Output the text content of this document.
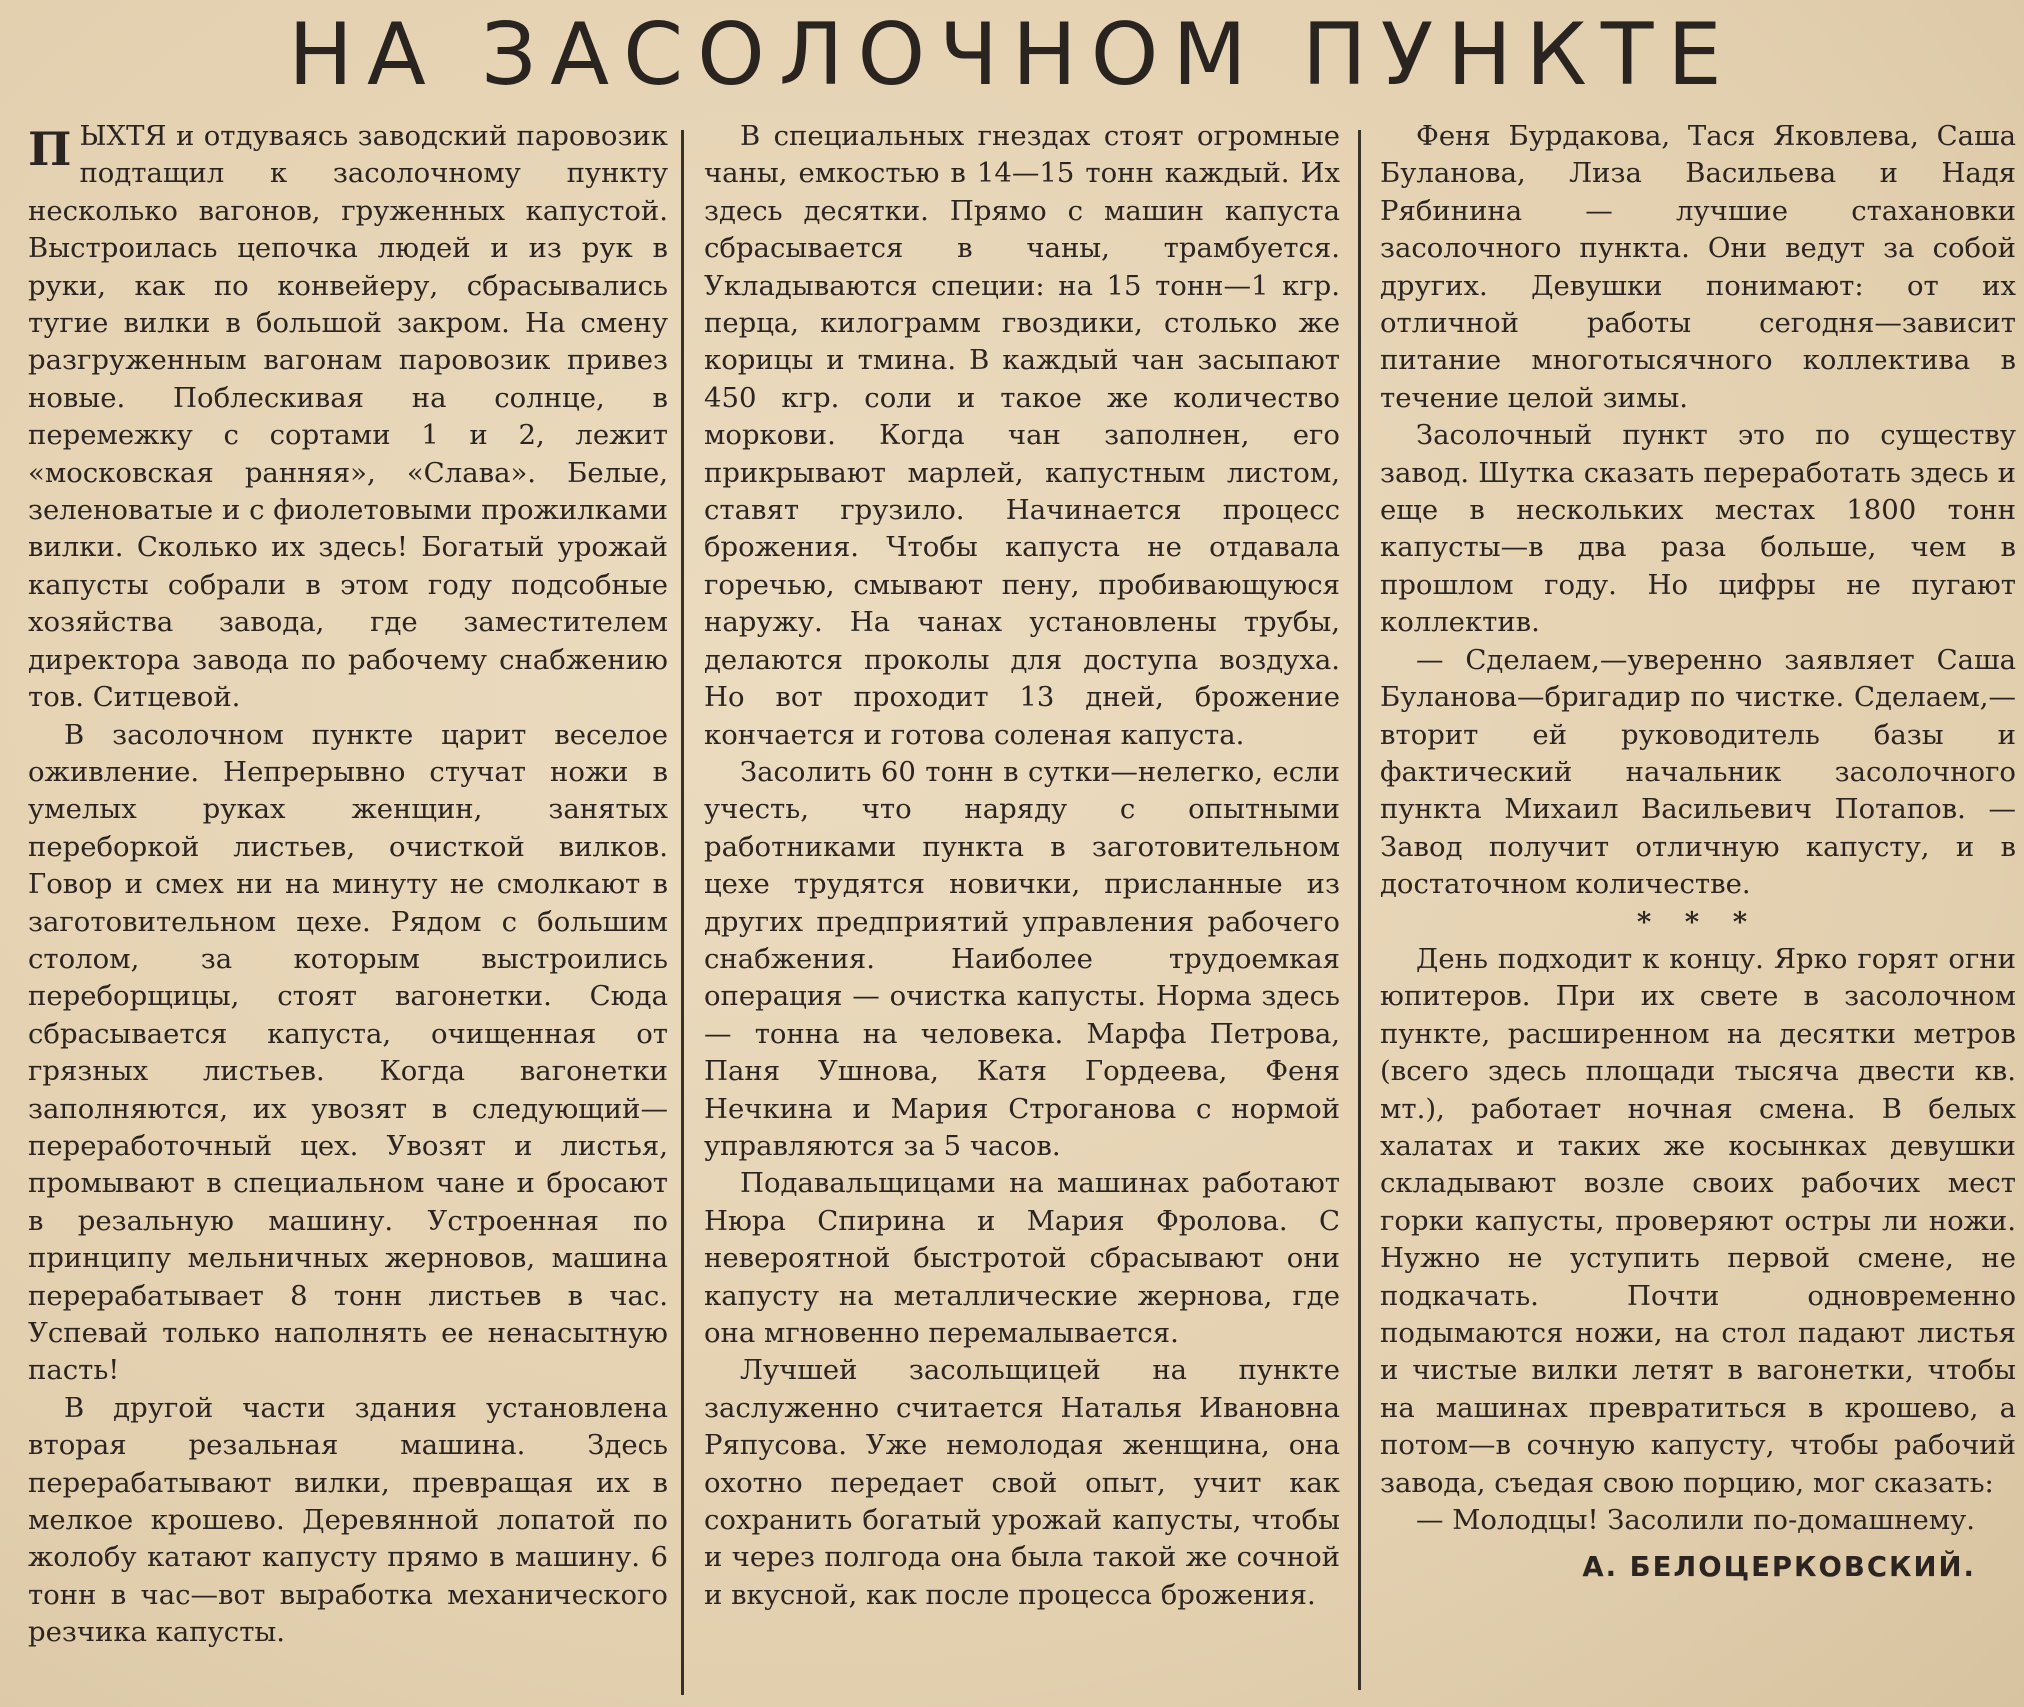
НА ЗАСОЛОЧНОМ ПУНКТЕ

ПЫХТЯ и отдуваясь заводский паровозик подтащил к засолочному пункту несколько вагонов, груженных капустой. Выстроилась цепочка людей и из рук в руки, как по конвейеру, сбрасывались тугие вилки в большой закром. На смену разгруженным вагонам паровозик привез новые. Поблескивая на солнце, в перемежку с сортами 1 и 2, лежит «московская ранняя», «Слава». Белые, зеленоватые и с фиолетовыми прожилками вилки. Сколько их здесь! Богатый урожай капусты собрали в этом году подсобные хозяйства завода, где заместителем директора завода по рабочему снабжению тов. Ситцевой.

В засолочном пункте царит веселое оживление. Непрерывно стучат ножи в умелых руках женщин, занятых переборкой листьев, очисткой вилков. Говор и смех ни на минуту не смолкают в заготовительном цехе. Рядом с большим столом, за которым выстроились переборщицы, стоят вагонетки. Сюда сбрасывается капуста, очищенная от грязных листьев. Когда вагонетки заполняются, их увозят в следующий—перерaботочный цех. Увозят и листья, промывают в специальном чане и бросают в резальную машину. Устроенная по принципу мельничных жерновов, машина перерабатывает 8 тонн листьев в час. Успевай только наполнять ее ненасытную пасть!

В другой части здания установлена вторая резальная машина. Здесь перерабатывают вилки, превращая их в мелкое крошево. Деревянной лопатой по жолобу катают капусту прямо в машину. 6 тонн в час—вот выработка механического резчика капусты.

В специальных гнездах стоят огромные чаны, емкостью в 14—15 тонн каждый. Их здесь десятки. Прямо с машин капуста сбрасывается в чаны, трамбуется. Укладываются специи: на 15 тонн—1 кгр. перца, килограмм гвоздики, столько же корицы и тмина. В каждый чан засыпают 450 кгр. соли и такое же количество моркови. Когда чан заполнен, его прикрывают марлей, капустным листом, ставят грузило. Начинается процесс брожения. Чтобы капуста не отдавала горечью, смывают пену, пробивающуюся наружу. На чанах установлены трубы, делаются проколы для доступа воздуха. Но вот проходит 13 дней, брожение кончается и готова соленая капуста.

Засолить 60 тонн в сутки—нелегко, если учесть, что наряду с опытными работниками пункта в заготовительном цехе трудятся новички, присланные из других предприятий управления рабочего снабжения. Наиболее трудоемкая операция — очистка капусты. Норма здесь — тонна на человека. Марфа Петрова, Паня Ушнова, Катя Гордеева, Феня Нечкина и Мария Строганова с нормой управляются за 5 часов.

Подавальщицами на машинах работают Нюра Спирина и Мария Фролова. С невероятной быстротой сбрасывают они капусту на металлические жернова, где она мгновенно перемалывается.

Лучшей засольщицей на пункте заслуженно считается Наталья Ивановна Ряпусова. Уже немолодая женщина, она охотно передает свой опыт, учит как сохранить богатый урожай капусты, чтобы и через полгода она была такой же сочной и вкусной, как после процесса брожения.

Феня Бурдакова, Тася Яковлева, Саша Буланова, Лиза Васильева и Надя Рябинина — лучшие стахановки засолочного пункта. Они ведут за собой других. Девушки понимают: от их отличной работы сегодня—зависит питание многотысячного коллектива в течение целой зимы.

Засолочный пункт это по существу завод. Шутка сказать переработать здесь и еще в нескольких местах 1800 тонн капусты—в два раза больше, чем в прошлом году. Но цифры не пугают коллектив.

— Сделаем,—уверенно заявляет Саша Буланова—бригадир по чистке. Сделаем,—вторит ей руководитель базы и фактический начальник засолочного пункта Михаил Васильевич Потапов. —Завод получит отличную капусту, и в достаточном количестве.

* * *

День подходит к концу. Ярко горят огни юпитеров. При их свете в засолочном пункте, расширенном на десятки метров (всего здесь площади тысяча двести кв. мт.), работает ночная смена. В белых халатах и таких же косынках девушки складывают возле своих рабочих мест горки капусты, проверяют остры ли ножи. Нужно не уступить первой смене, не подкачать. Почти одновременно подымаются ножи, на стол падают листья и чистые вилки летят в вагонетки, чтобы на машинах превратиться в крошево, а потом—в сочную капусту, чтобы рабочий завода, съедая свою порцию, мог сказать:

— Молодцы! Засолили по-домашнему.

А. БЕЛОЦЕРКОВСКИЙ.
